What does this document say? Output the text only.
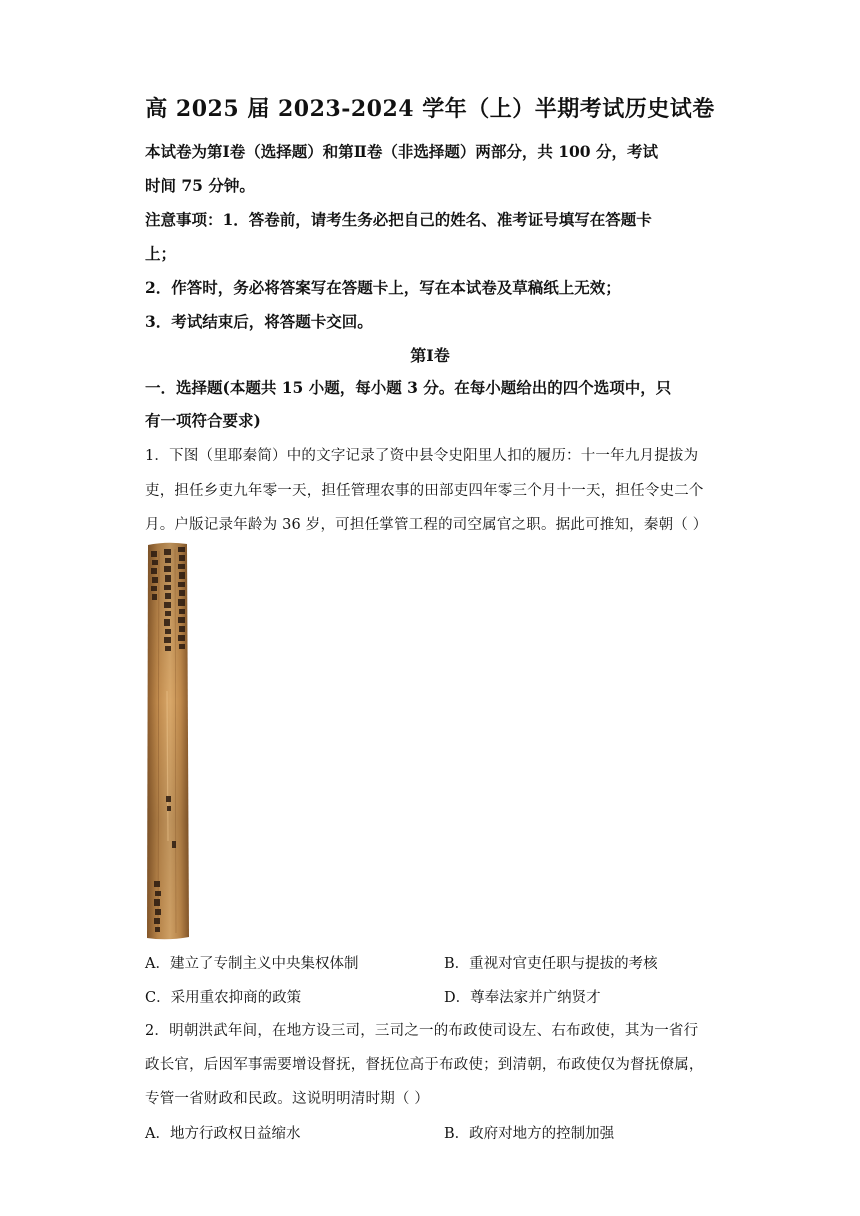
高 2025 届 2023-2024 学年（上）半期考试历史试卷
本试卷为第Ⅰ卷（选择题）和第Ⅱ卷（非选择题）两部分，共 100 分，考试
时间 75 分钟。
注意事项：1．答卷前，请考生务必把自己的姓名、准考证号填写在答题卡
上；
2．作答时，务必将答案写在答题卡上，写在本试卷及草稿纸上无效；
3．考试结束后，将答题卡交回。
第Ⅰ卷
一．选择题(本题共 15 小题，每小题 3 分。在每小题给出的四个选项中，只
有一项符合要求)
1．下图（里耶秦简）中的文字记录了资中县令史阳里人扣的履历：十一年九月提拔为
吏，担任乡吏九年零一天，担任管理农事的田部吏四年零三个月十一天，担任令史二个
月。户版记录年龄为 36 岁，可担任掌管工程的司空属官之职。据此可推知，秦朝（ ）
A．建立了专制主义中央集权体制	B．重视对官吏任职与提拔的考核
C．采用重农抑商的政策	D．尊奉法家并广纳贤才
2．明朝洪武年间，在地方设三司，三司之一的布政使司设左、右布政使，其为一省行
政长官，后因军事需要增设督抚，督抚位高于布政使；到清朝，布政使仅为督抚僚属，
专管一省财政和民政。这说明明清时期（ ）
A．地方行政权日益缩水	B．政府对地方的控制加强
